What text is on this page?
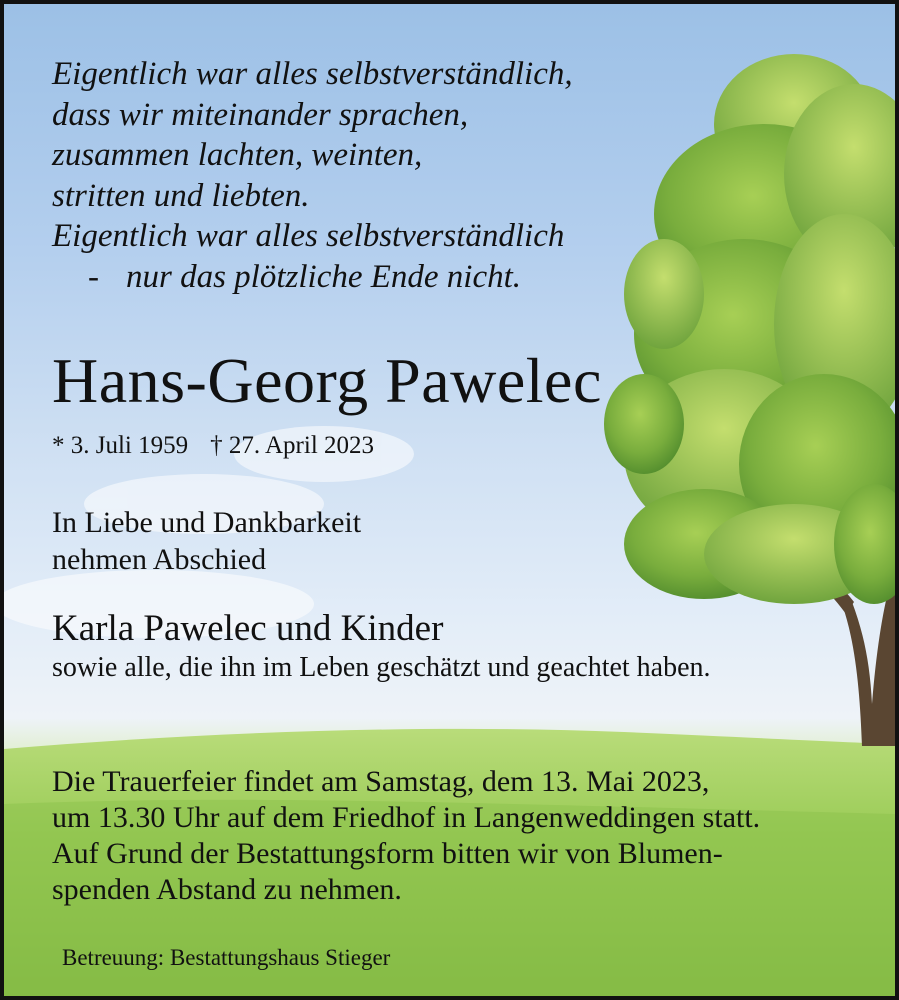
Eigentlich war alles selbstverständlich,
dass wir miteinander sprachen,
zusammen lachten, weinten,
stritten und liebten.
Eigentlich war alles selbstverständlich
- nur das plötzliche Ende nicht.

Hans-Georg Pawelec
* 3. Juli 1959 † 27. April 2023
In Liebe und Dankbarkeit
nehmen Abschied
Karla Pawelec und Kinder
sowie alle, die ihn im Leben geschätzt und geachtet haben.
Die Trauerfeier findet am Samstag, dem 13. Mai 2023,
um 13.30 Uhr auf dem Friedhof in Langenweddingen statt.
Auf Grund der Bestattungsform bitten wir von Blumen-
spenden Abstand zu nehmen.
Betreuung: Bestattungshaus Stieger
